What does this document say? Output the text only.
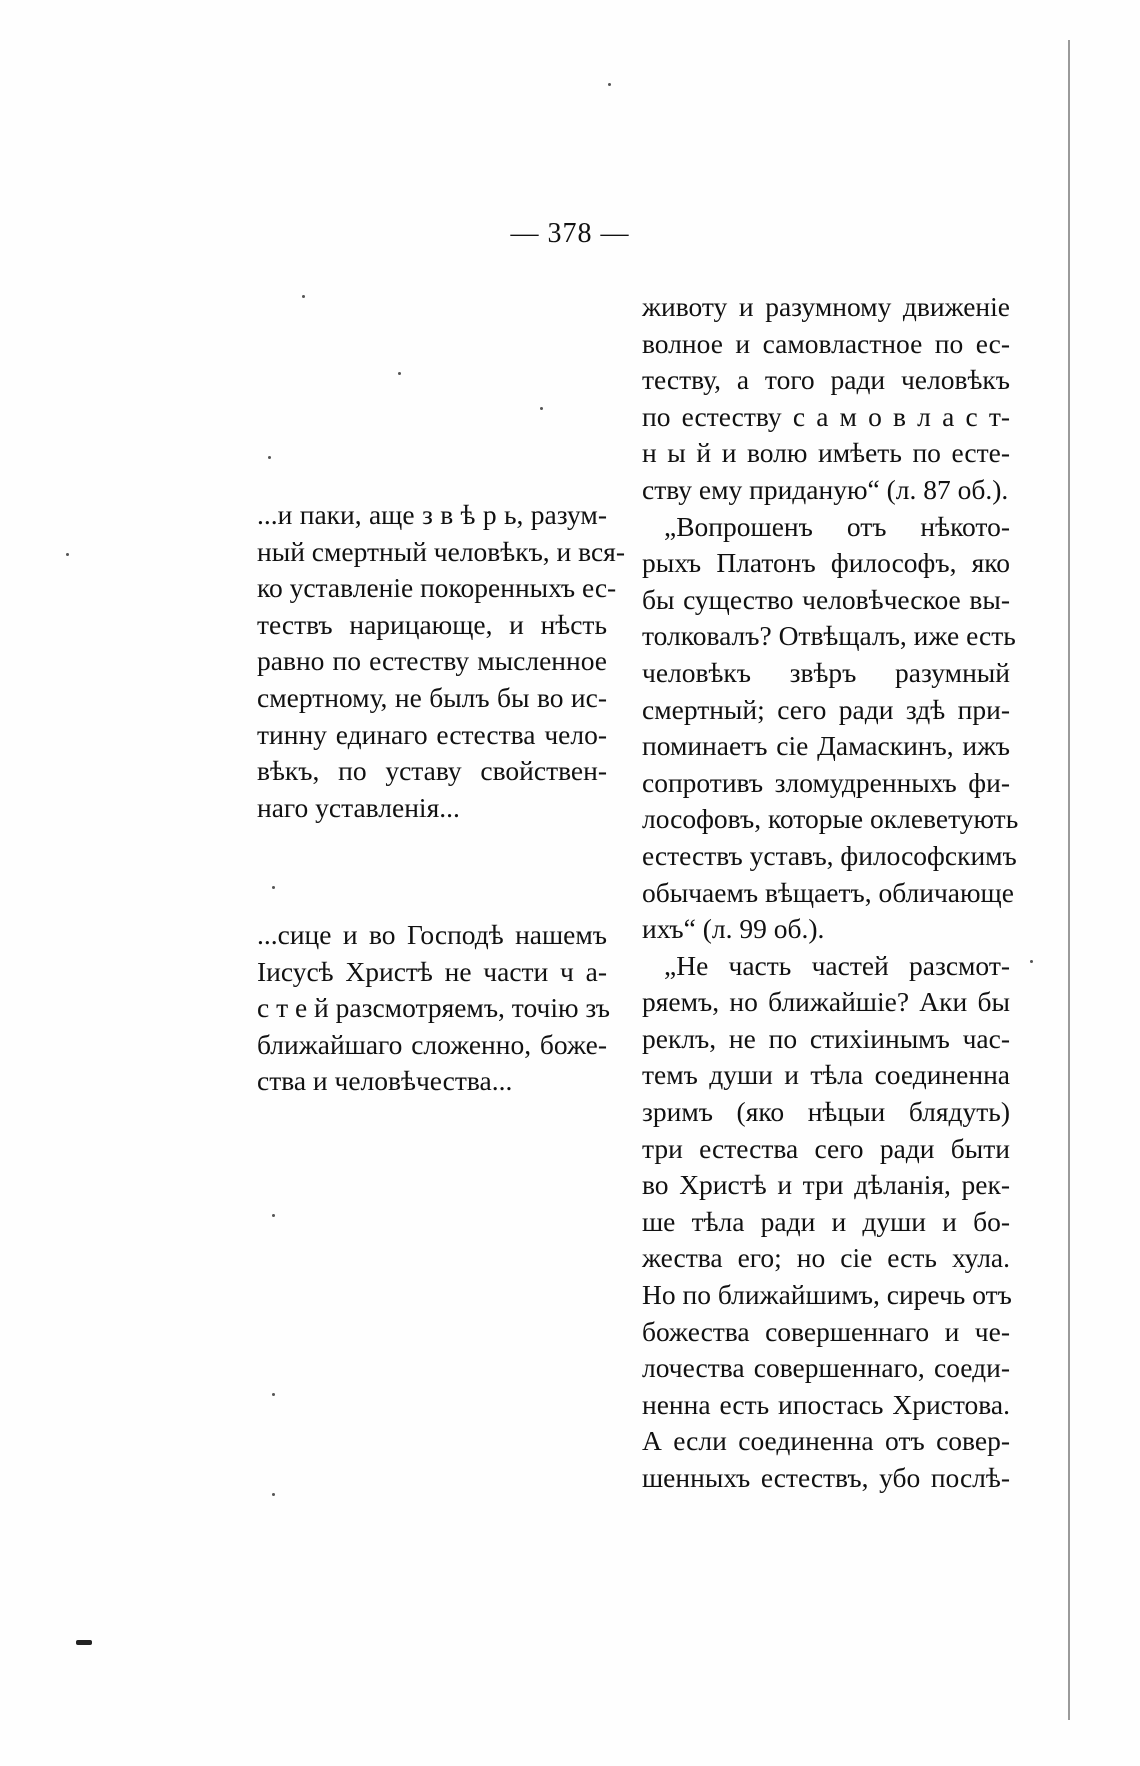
— 378 —
...и паки, аще з в ѣ р ь, разум-
ный смертный человѣкъ, и вся-
ко уставленіе покоренныхъ ес-
тествъ нарицающе, и нѣсть
равно по естеству мысленное
смертному, не былъ бы во ис-
тинну единаго естества чело-
вѣкъ, по уставу свойствен-
наго уставленія...
...сице и во Господѣ нашемъ
Іисусѣ Христѣ не части ч а-
с т е й разсмотряемъ, точію зъ
ближайшаго сложенно, боже-
ства и человѣчества...
животу и разумному движеніе
волное и самовластное по ес-
теству, а того ради человѣкъ
по естеству с а м о в л а с т-
н ы й и волю имѣеть по есте-
ству ему приданую“ (л. 87 об.).
„Вопрошенъ отъ нѣкото-
рыхъ Платонъ философъ, яко
бы существо человѣческое вы-
толковалъ? Отвѣщалъ, иже есть
человѣкъ звѣръ разумный
смертный; сего ради здѣ при-
поминаетъ сіе Дамаскинъ, ижъ
сопротивъ зломудренныхъ фи-
лософовъ, которые оклеветують
естествъ уставъ, философскимъ
обычаемъ вѣщаетъ, обличающе
ихъ“ (л. 99 об.).
„Не часть частей разсмот-
ряемъ, но ближайшіе? Аки бы
реклъ, не по стихіинымъ час-
темъ души и тѣла соединенна
зримъ (яко нѣцыи блядуть)
три естества сего ради быти
во Христѣ и три дѣланія, рек-
ше тѣла ради и души и бо-
жества его; но сіе есть хула.
Но по ближайшимъ, сиречь отъ
божества совершеннаго и че-
лочества совершеннаго, соеди-
ненна есть ипостась Христова.
А если соединенна отъ совер-
шенныхъ естествъ, убо послѣ-
